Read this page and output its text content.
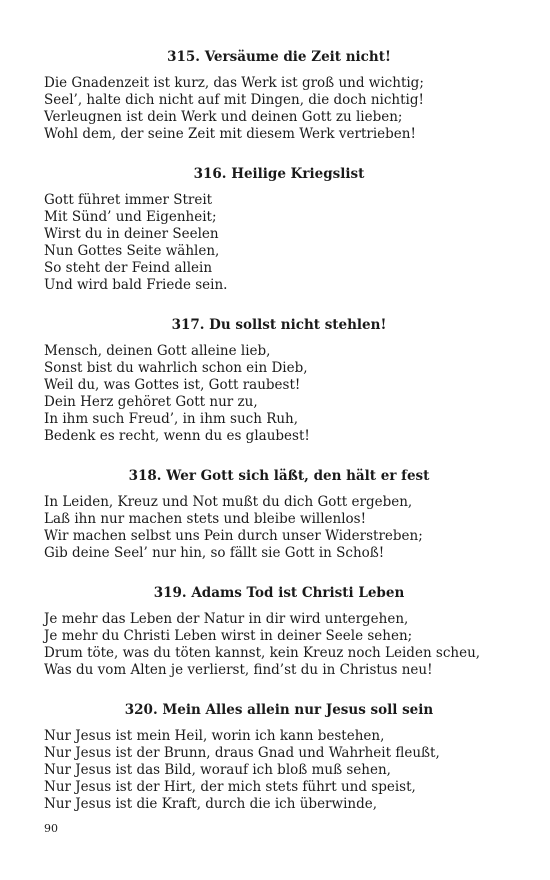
315. Versäume die Zeit nicht!
Die Gnadenzeit ist kurz, das Werk ist groß und wichtig;
Seel’, halte dich nicht auf mit Dingen, die doch nichtig!
Verleugnen ist dein Werk und deinen Gott zu lieben;
Wohl dem, der seine Zeit mit diesem Werk vertrieben!
316. Heilige Kriegslist
Gott führet immer Streit
Mit Sünd’ und Eigenheit;
Wirst du in deiner Seelen
Nun Gottes Seite wählen,
So steht der Feind allein
Und wird bald Friede sein.
317. Du sollst nicht stehlen!
Mensch, deinen Gott alleine lieb,
Sonst bist du wahrlich schon ein Dieb,
Weil du, was Gottes ist, Gott raubest!
Dein Herz gehöret Gott nur zu,
In ihm such Freud’, in ihm such Ruh,
Bedenk es recht, wenn du es glaubest!
318. Wer Gott sich läßt, den hält er fest
In Leiden, Kreuz und Not mußt du dich Gott ergeben,
Laß ihn nur machen stets und bleibe willenlos!
Wir machen selbst uns Pein durch unser Widerstreben;
Gib deine Seel’ nur hin, so fällt sie Gott in Schoß!
319. Adams Tod ist Christi Leben
Je mehr das Leben der Natur in dir wird untergehen,
Je mehr du Christi Leben wirst in deiner Seele sehen;
Drum töte, was du töten kannst, kein Kreuz noch Leiden scheu,
Was du vom Alten je verlierst, find’st du in Christus neu!
320. Mein Alles allein nur Jesus soll sein
Nur Jesus ist mein Heil, worin ich kann bestehen,
Nur Jesus ist der Brunn, draus Gnad und Wahrheit fleußt,
Nur Jesus ist das Bild, worauf ich bloß muß sehen,
Nur Jesus ist der Hirt, der mich stets führt und speist,
Nur Jesus ist die Kraft, durch die ich überwinde,
90
